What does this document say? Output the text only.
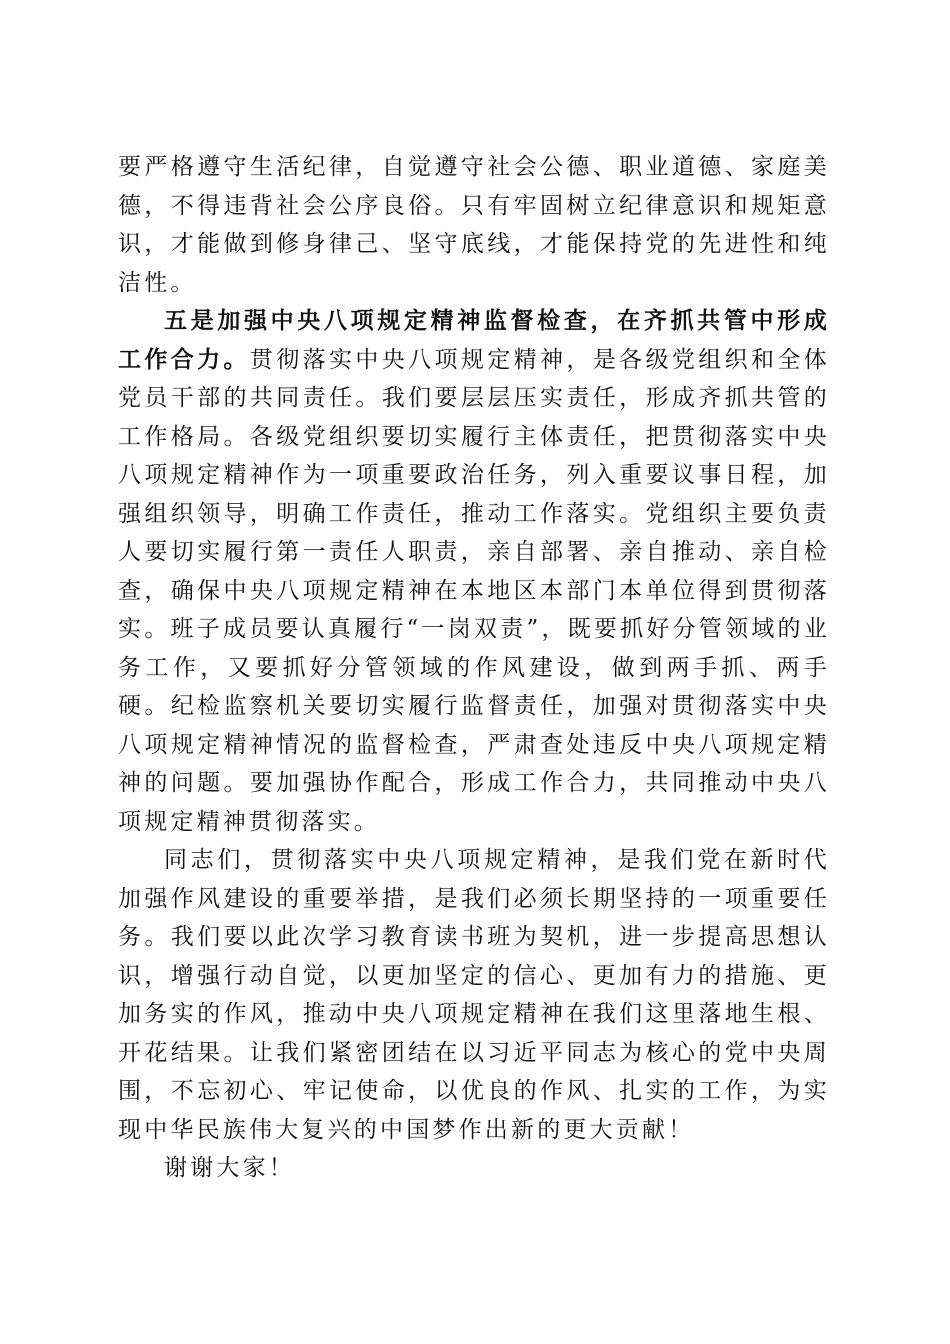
要严格遵守生活纪律，自觉遵守社会公德、职业道德、家庭美德，不得违背社会公序良俗。只有牢固树立纪律意识和规矩意识，才能做到修身律己、坚守底线，才能保持党的先进性和纯洁性。

五是加强中央八项规定精神监督检查，在齐抓共管中形成工作合力。贯彻落实中央八项规定精神，是各级党组织和全体党员干部的共同责任。我们要层层压实责任，形成齐抓共管的工作格局。各级党组织要切实履行主体责任，把贯彻落实中央八项规定精神作为一项重要政治任务，列入重要议事日程，加强组织领导，明确工作责任，推动工作落实。党组织主要负责人要切实履行第一责任人职责，亲自部署、亲自推动、亲自检查，确保中央八项规定精神在本地区本部门本单位得到贯彻落实。班子成员要认真履行“一岗双责”，既要抓好分管领域的业务工作，又要抓好分管领域的作风建设，做到两手抓、两手硬。纪检监察机关要切实履行监督责任，加强对贯彻落实中央八项规定精神情况的监督检查，严肃查处违反中央八项规定精神的问题。要加强协作配合，形成工作合力，共同推动中央八项规定精神贯彻落实。

同志们，贯彻落实中央八项规定精神，是我们党在新时代加强作风建设的重要举措，是我们必须长期坚持的一项重要任务。我们要以此次学习教育读书班为契机，进一步提高思想认识，增强行动自觉，以更加坚定的信心、更加有力的措施、更加务实的作风，推动中央八项规定精神在我们这里落地生根、开花结果。让我们紧密团结在以习近平同志为核心的党中央周围，不忘初心、牢记使命，以优良的作风、扎实的工作，为实现中华民族伟大复兴的中国梦作出新的更大贡献！

谢谢大家！
